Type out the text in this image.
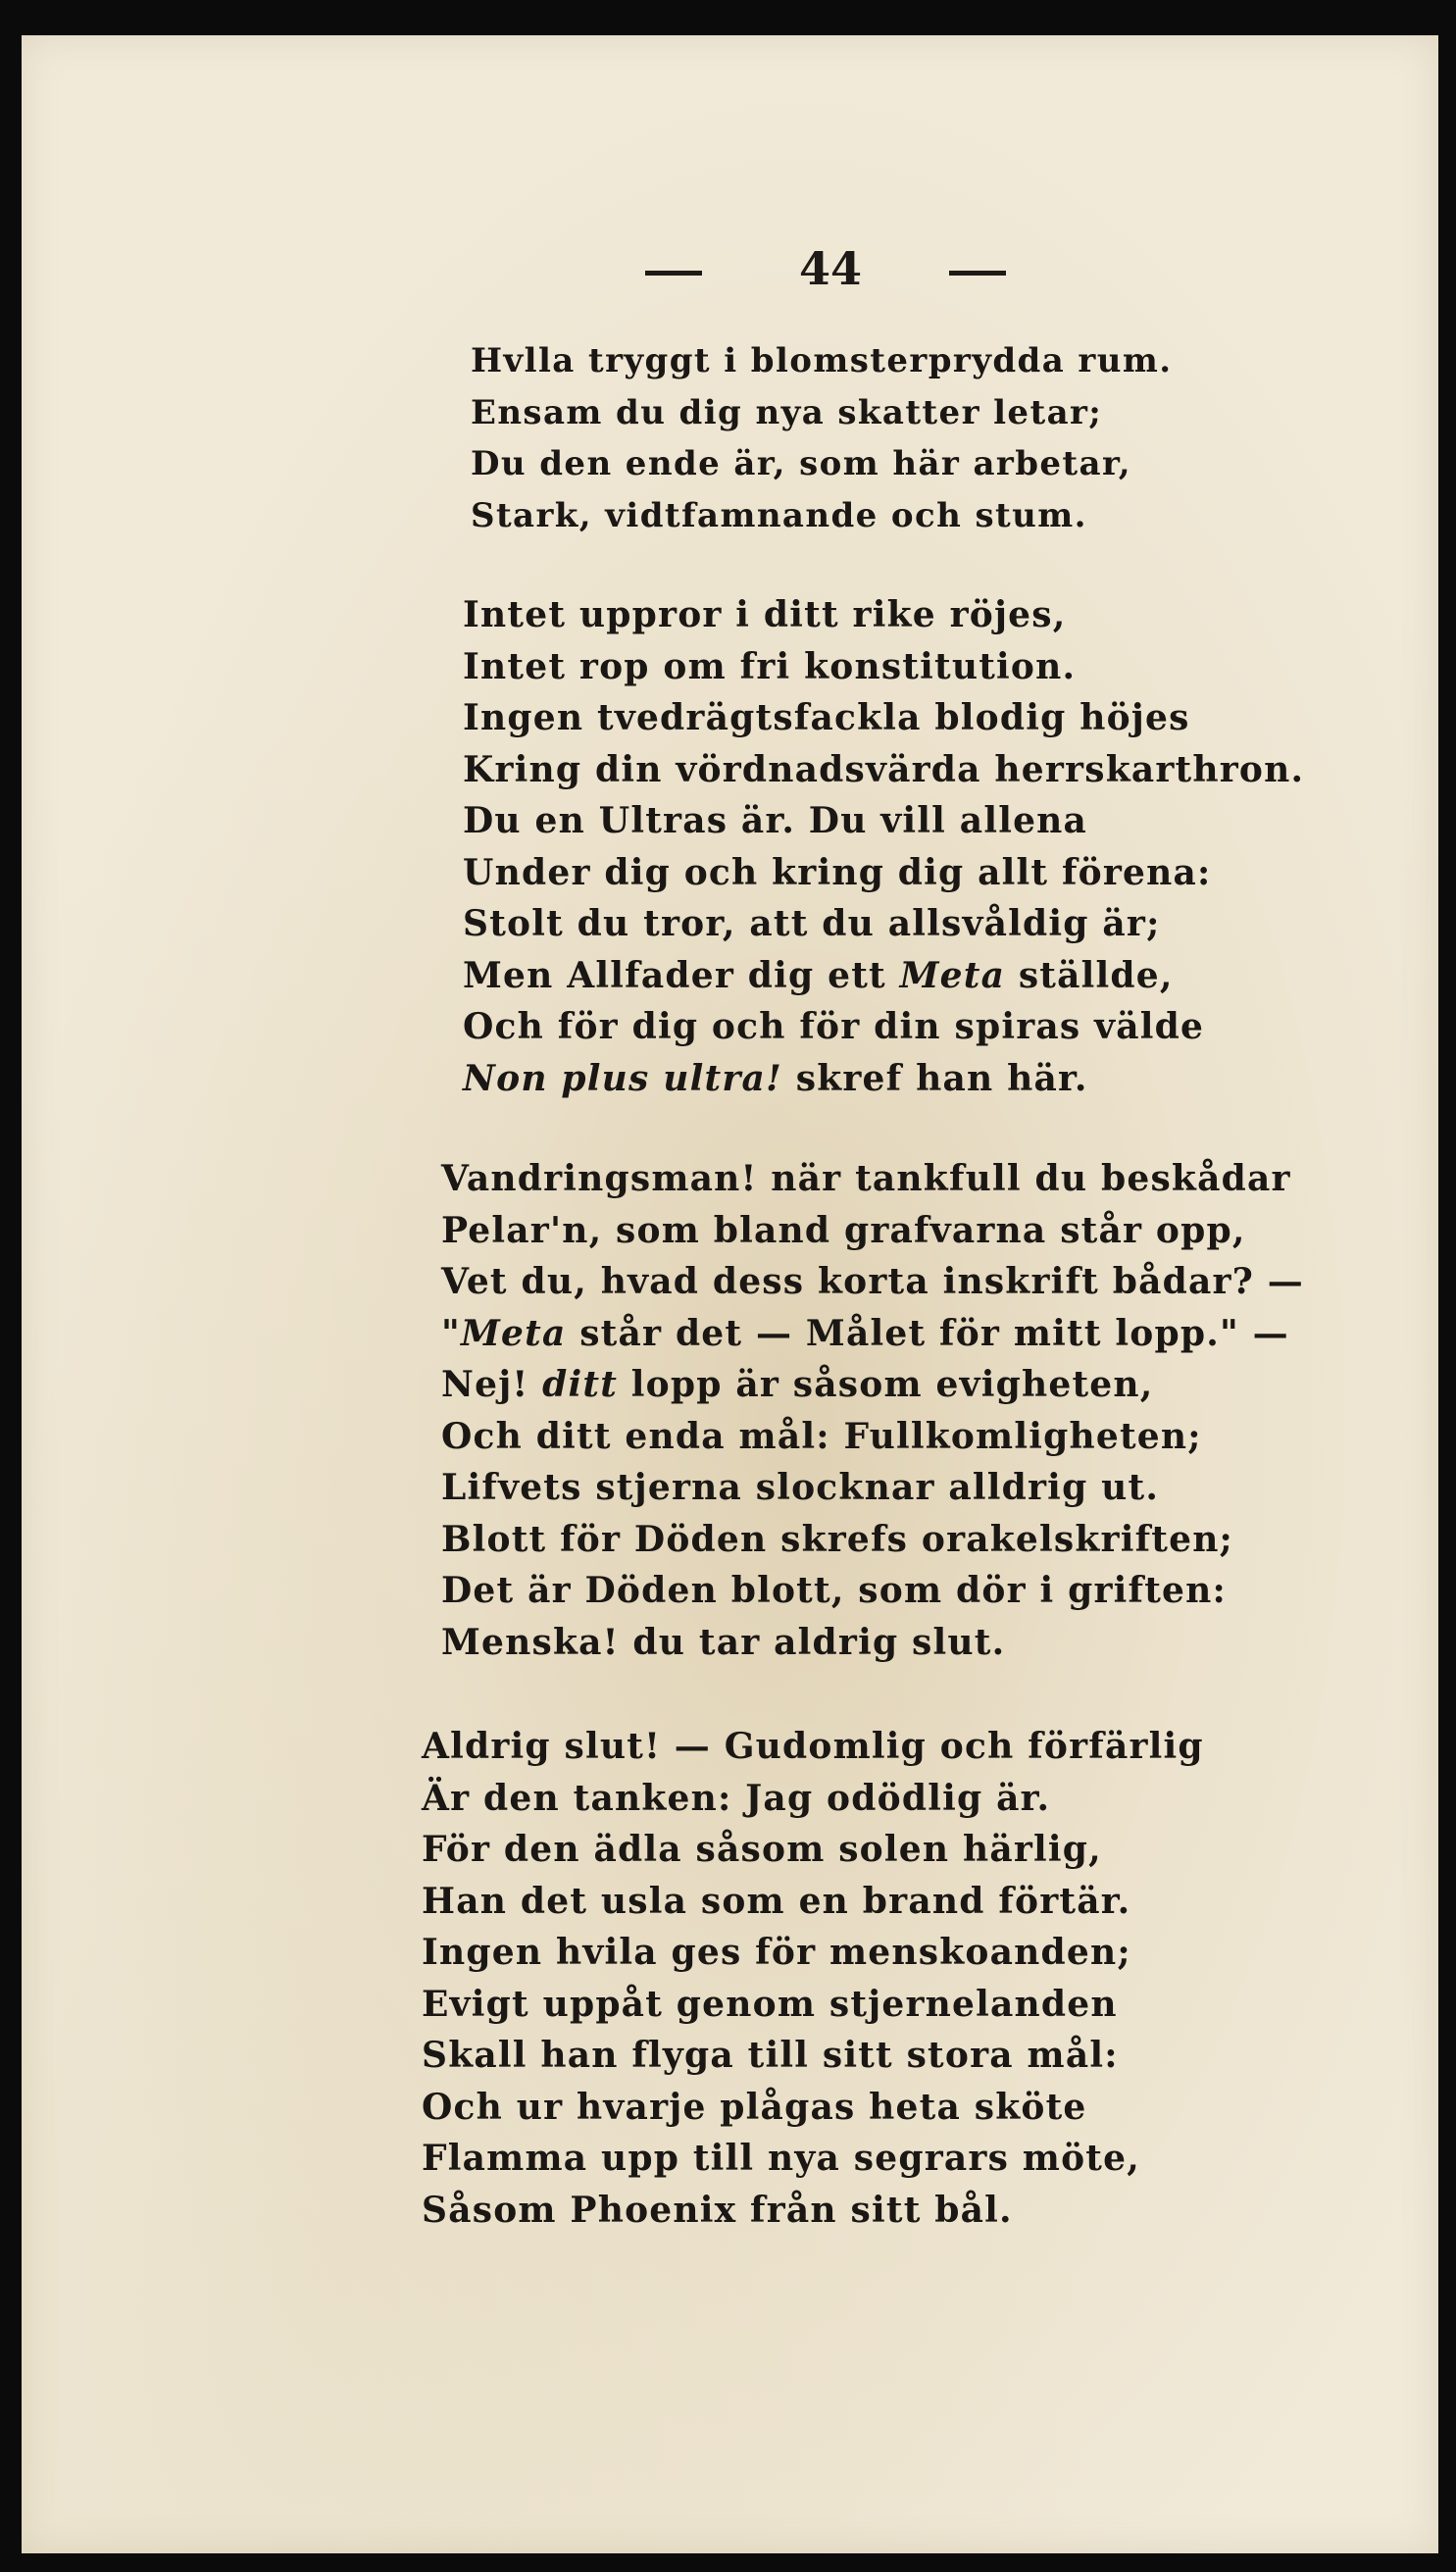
44
Hvlla tryggt i blomsterprydda rum.
Ensam du dig nya skatter letar;
Du den ende är, som här arbetar,
Stark, vidtfamnande och stum.
Intet uppror i ditt rike röjes,
Intet rop om fri konstitution.
Ingen tvedrägtsfackla blodig höjes
Kring din vördnadsvärda herrskarthron.
Du en Ultras är. Du vill allena
Under dig och kring dig allt förena:
Stolt du tror, att du allsvåldig är;
Men Allfader dig ett Meta ställde,
Och för dig och för din spiras välde
Non plus ultra! skref han här.
Vandringsman! när tankfull du beskådar
Pelar'n, som bland grafvarna står opp,
Vet du, hvad dess korta inskrift bådar? —
"Meta står det — Målet för mitt lopp." —
Nej! ditt lopp är såsom evigheten,
Och ditt enda mål: Fullkomligheten;
Lifvets stjerna slocknar alldrig ut.
Blott för Döden skrefs orakelskriften;
Det är Döden blott, som dör i griften:
Menska! du tar aldrig slut.
Aldrig slut! — Gudomlig och förfärlig
Är den tanken: Jag odödlig är.
För den ädla såsom solen härlig,
Han det usla som en brand förtär.
Ingen hvila ges för menskoanden;
Evigt uppåt genom stjernelanden
Skall han flyga till sitt stora mål:
Och ur hvarje plågas heta sköte
Flamma upp till nya segrars möte,
Såsom Phoenix från sitt bål.
